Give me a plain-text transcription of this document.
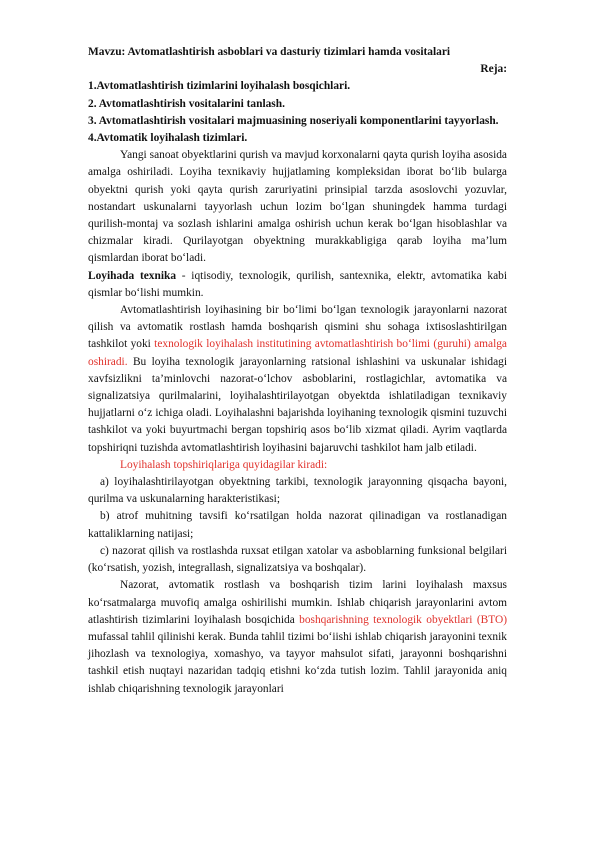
Mavzu: Avtomatlashtirish asboblari va dasturiy tizimlari hamda vositalari

Reja:

1.Avtomatlashtirish tizimlarini loyihalash bosqichlari.

2. Avtomatlashtirish vositalarini tanlash.

3. Avtomatlashtirish vositalari majmuasining noseriyali komponentlarini tayyorlash.

4.Avtomatik loyihalash tizimlari.

Yangi sanoat obyektlarini qurish va mavjud korxonalarni qayta qurish loyiha asosida amalga oshiriladi. Loyiha texnikaviy hujjatlaming kompleksidan iborat bo‘lib bularga obyektni qurish yoki qayta qurish zaruriyatini prinsipial tarzda asoslovchi yozuvlar, nostandart uskunalarni tayyorlash uchun lozim bo‘lgan shuningdek hamma turdagi qurilish-montaj va sozlash ishlarini amalga oshirish uchun kerak bo‘lgan hisoblashlar va chizmalar kiradi. Qurilayotgan obyektning murakkabligiga qarab loyiha ma’lum qismlardan iborat bo‘ladi.

Loyihada texnika - iqtisodiy, texnologik, qurilish, santexnika, elektr, avtomatika kabi qismlar bo‘lishi mumkin.

Avtomatlashtirish loyihasining bir bo‘limi bo‘lgan texnologik jarayonlarni nazorat qilish va avtomatik rostlash hamda boshqarish qismini shu sohaga ixtisoslashtirilgan tashkilot yoki texnologik loyihalash institutining avtomatlashtirish bo‘limi (guruhi) amalga oshiradi. Bu loyiha texnologik jarayonlarning ratsional ishlashini va uskunalar ishidagi xavfsizlikni ta’minlovchi nazorat-o‘lchov asboblarini, rostlagichlar, avtomatika va signalizatsiya qurilmalarini, loyihalashtirilayotgan obyektda ishlatiladigan texnikaviy hujjatlarni o‘z ichiga oladi. Loyihalashni bajarishda loyihaning texnologik qismini tuzuvchi tashkilot va yoki buyurtmachi bergan topshiriq asos bo‘lib xizmat qiladi. Ayrim vaqtlarda topshiriqni tuzishda avtomatlashtirish loyihasini bajaruvchi tashkilot ham jalb etiladi.

Loyihalash topshiriqlariga quyidagilar kiradi:

a) loyihalashtirilayotgan obyektning tarkibi, texnologik jarayonning qisqacha bayoni, qurilma va uskunalarning harakteristikasi;

b) atrof muhitning tavsifi ko‘rsatilgan holda nazorat qilinadigan va rostlanadigan kattaliklarning natijasi;

c) nazorat qilish va rostlashda ruxsat etilgan xatolar va asboblarning funksional belgilari (ko‘rsatish, yozish, integrallash, signalizatsiya va boshqalar).

Nazorat, avtomatik rostlash va boshqarish tizim larini loyihalash maxsus ko‘rsatmalarga muvofiq amalga oshirilishi mumkin. Ishlab chiqarish jarayonlarini avtom atlashtirish tizimlarini loyihalash bosqichida boshqarishning texnologik obyektlari (BTO) mufassal tahlil qilinishi kerak. Bunda tahlil tizimi bo‘iishi ishlab chiqarish jarayonini texnik jihozlash va texnologiya, xomashyo, va tayyor mahsulot sifati, jarayonni boshqarishni tashkil etish nuqtayi nazaridan tadqiq etishni ko‘zda tutish lozim. Tahlil jarayonida aniq ishlab chiqarishning texnologik jarayonlari
